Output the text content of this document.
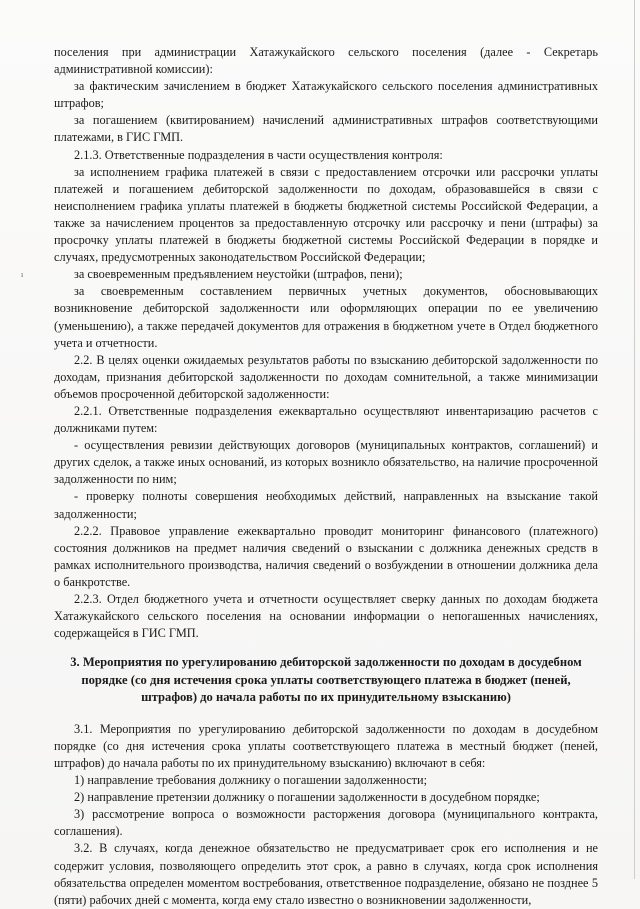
ı

поселения при администрации Хатажукайского сельского поселения (далее - Секретарь административной комиссии):

за фактическим зачислением в бюджет Хатажукайского сельского поселения административных штрафов;

за погашением (квитированием) начислений административных штрафов соответствующими платежами, в ГИС ГМП.

2.1.3. Ответственные подразделения в части осуществления контроля:

за исполнением графика платежей в связи с предоставлением отсрочки или рассрочки уплаты платежей и погашением дебиторской задолженности по доходам, образовавшейся в связи с неисполнением графика уплаты платежей в бюджеты бюджетной системы Российской Федерации, а также за начислением процентов за предоставленную отсрочку или рассрочку и пени (штрафы) за просрочку уплаты платежей в бюджеты бюджетной системы Российской Федерации в порядке и случаях, предусмотренных законодательством Российской Федерации;

за своевременным предъявлением неустойки (штрафов, пени);

за своевременным составлением первичных учетных документов, обосновывающих возникновение дебиторской задолженности или оформляющих операции по ее увеличению (уменьшению), а также передачей документов для отражения в бюджетном учете в Отдел бюджетного учета и отчетности.

2.2. В целях оценки ожидаемых результатов работы по взысканию дебиторской задолженности по доходам, признания дебиторской задолженности по доходам сомнительной, а также минимизации объемов просроченной дебиторской задолженности:

2.2.1. Ответственные подразделения ежеквартально осуществляют инвентаризацию расчетов с должниками путем:

- осуществления ревизии действующих договоров (муниципальных контрактов, соглашений) и других сделок, а также иных оснований, из которых возникло обязательство, на наличие просроченной задолженности по ним;

- проверку полноты совершения необходимых действий, направленных на взыскание такой задолженности;

2.2.2. Правовое управление ежеквартально проводит мониторинг финансового (платежного) состояния должников на предмет наличия сведений о взыскании с должника денежных средств в рамках исполнительного производства, наличия сведений о возбуждении в отношении должника дела о банкротстве.

2.2.3. Отдел бюджетного учета и отчетности осуществляет сверку данных по доходам бюджета Хатажукайского сельского поселения на основании информации о непогашенных начислениях, содержащейся в ГИС ГМП.

3. Мероприятия по урегулированию дебиторской задолженности по доходам в досудебном порядке (со дня истечения срока уплаты соответствующего платежа в бюджет (пеней, штрафов) до начала работы по их принудительному взысканию)

3.1. Мероприятия по урегулированию дебиторской задолженности по доходам в досудебном порядке (со дня истечения срока уплаты соответствующего платежа в местный бюджет (пеней, штрафов) до начала работы по их принудительному взысканию) включают в себя:

1) направление требования должнику о погашении задолженности;

2) направление претензии должнику о погашении задолженности в досудебном порядке;

3) рассмотрение вопроса о возможности расторжения договора (муниципального контракта, соглашения).

3.2. В случаях, когда денежное обязательство не предусматривает срок его исполнения и не содержит условия, позволяющего определить этот срок, а равно в случаях, когда срок исполнения обязательства определен моментом востребования, ответственное подразделение, обязано не позднее 5 (пяти) рабочих дней с момента, когда ему стало известно о возникновении задолженности,
